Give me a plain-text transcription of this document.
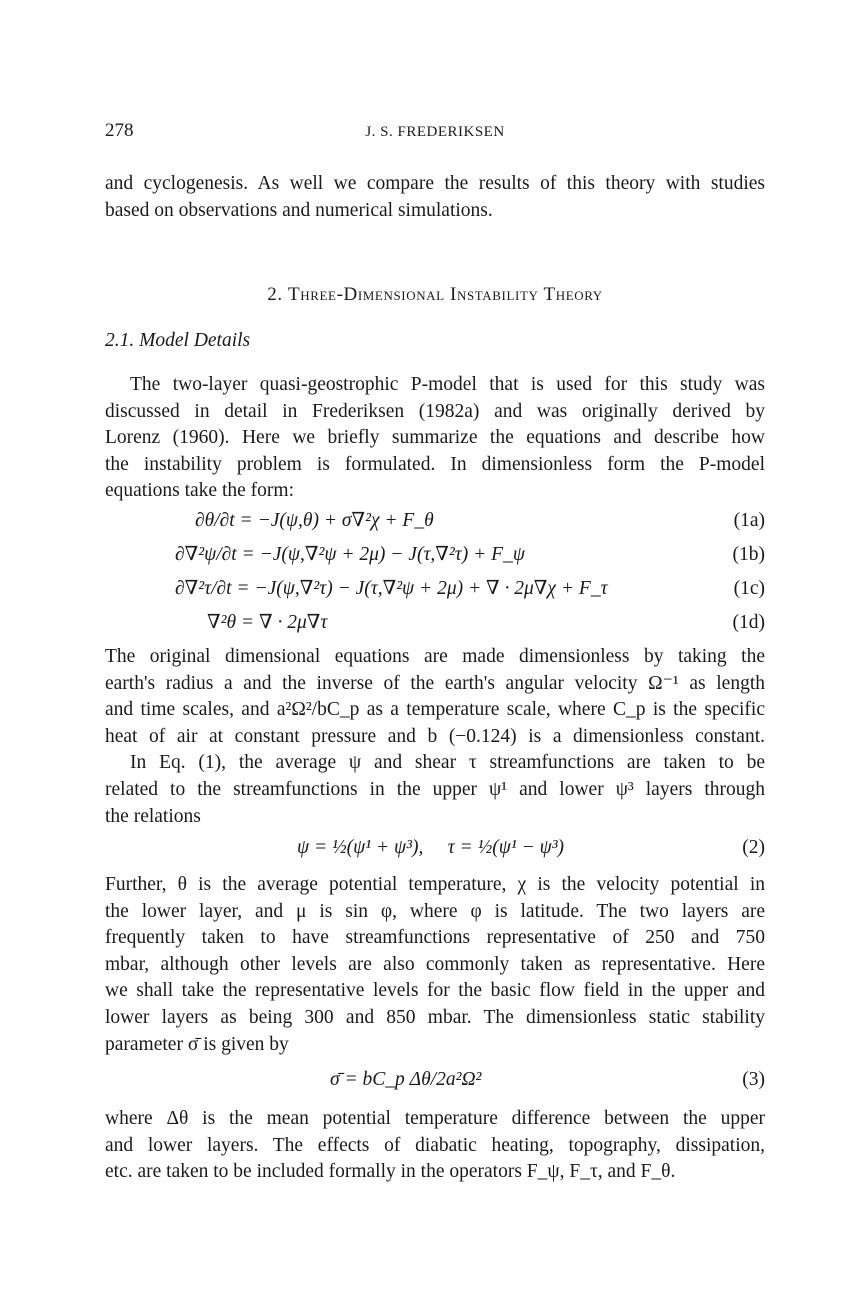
278	J. S. FREDERIKSEN
and cyclogenesis. As well we compare the results of this theory with studies
based on observations and numerical simulations.
2. Three-Dimensional Instability Theory
2.1. Model Details
The two-layer quasi-geostrophic P-model that is used for this study was
discussed in detail in Frederiksen (1982a) and was originally derived by
Lorenz (1960). Here we briefly summarize the equations and describe how
the instability problem is formulated. In dimensionless form the P-model
equations take the form:
∂θ/∂t = −J(ψ,θ) + σ∇²χ + F_θ	(1a)
∂∇²ψ/∂t = −J(ψ,∇²ψ + 2μ) − J(τ,∇²τ) + F_ψ	(1b)
∂∇²τ/∂t = −J(ψ,∇²τ) − J(τ,∇²ψ + 2μ) + ∇ · 2μ∇χ + F_τ	(1c)
∇²θ = ∇ · 2μ∇τ	(1d)
The original dimensional equations are made dimensionless by taking the
earth's radius a and the inverse of the earth's angular velocity Ω⁻¹ as length
and time scales, and a²Ω²/bC_p as a temperature scale, where C_p is the specific
heat of air at constant pressure and b (−0.124) is a dimensionless constant.
In Eq. (1), the average ψ and shear τ streamfunctions are taken to be
related to the streamfunctions in the upper ψ¹ and lower ψ³ layers through
the relations
ψ = ½(ψ¹ + ψ³),     τ = ½(ψ¹ − ψ³)	(2)
Further, θ is the average potential temperature, χ is the velocity potential in
the lower layer, and μ is sin φ, where φ is latitude. The two layers are
frequently taken to have streamfunctions representative of 250 and 750
mbar, although other levels are also commonly taken as representative. Here
we shall take the representative levels for the basic flow field in the upper and
lower layers as being 300 and 850 mbar. The dimensionless static stability
parameter σ̄ is given by
σ̄ = bC_p Δθ/2a²Ω²	(3)
where Δθ is the mean potential temperature difference between the upper
and lower layers. The effects of diabatic heating, topography, dissipation,
etc. are taken to be included formally in the operators F_ψ, F_τ, and F_θ.
